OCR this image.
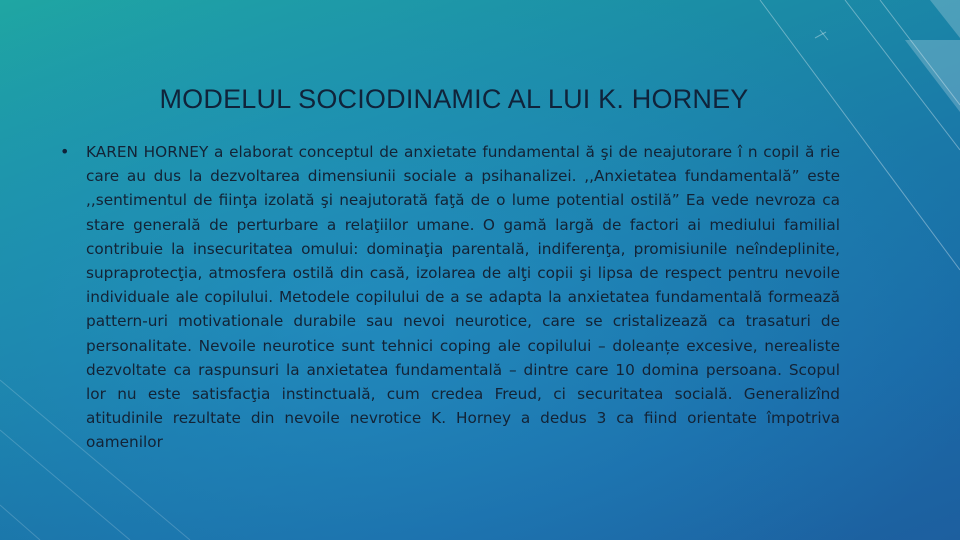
MODELUL SOCIODINAMIC AL LUI K. HORNEY
•	KAREN HORNEY a elaborat conceptul de anxietate fundamental ă şi de neajutorare î n copil ă rie care au dus la dezvoltarea dimensiunii sociale a psihanalizei. ,,Anxietatea fundamentală” este ,,sentimentul de fiinţa izolată şi neajutorată faţă de o lume potential ostilă” Ea vede nevroza ca stare generală de perturbare a relaţiilor umane. O gamă largă de factori ai mediului familial contribuie la insecuritatea omului: dominaţia parentală, indiferenţa, promisiunile neîndeplinite, supraprotecţia, atmosfera ostilă din casă, izolarea de alţi copii şi lipsa de respect pentru nevoile individuale ale copilului. Metodele copilului de a se adapta la anxietatea fundamentală formează pattern-uri motivationale durabile sau nevoi neurotice, care se cristalizează ca trasaturi de personalitate. Nevoile neurotice sunt tehnici coping ale copilului – doleanțe excesive, nerealiste dezvoltate ca raspunsuri la anxietatea fundamentală – dintre care 10 domina persoana. Scopul lor nu este satisfacţia instinctuală, cum credea Freud, ci securitatea socială. Generalizînd atitudinile rezultate din nevoile nevrotice K. Horney a dedus 3 ca fiind orientate împotriva oamenilor
